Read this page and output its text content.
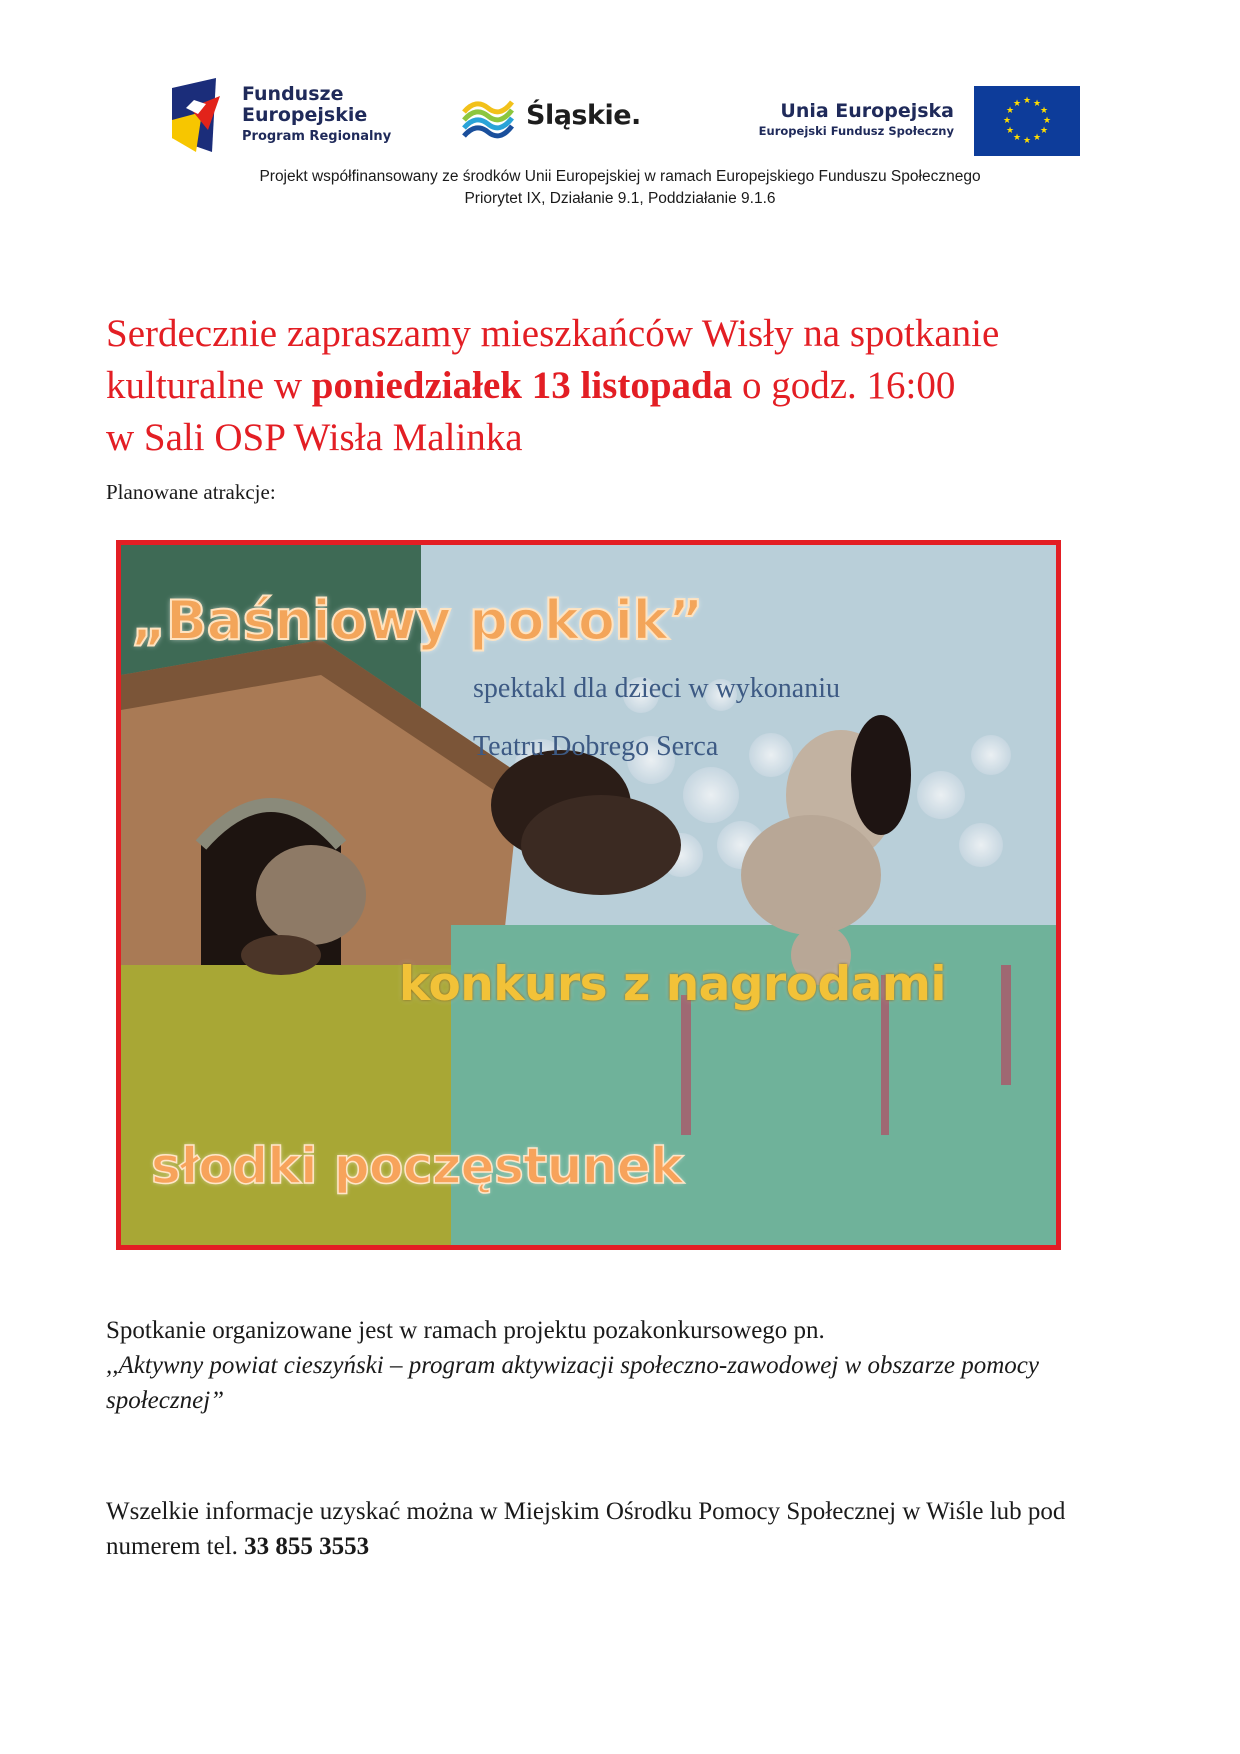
Fundusze
Europejskie
Program Regionalny
Śląskie.	Unia Europejska
Europejski Fundusz Społeczny
★ ★
★
★
★
★
★
★
★
★
★
★
Projekt współfinansowany ze środków Unii Europejskiej w ramach Europejskiego Funduszu Społecznego
Priorytet IX, Działanie 9.1, Poddziałanie 9.1.6
Serdecznie zapraszamy mieszkańców Wisły na spotkanie
kulturalne w poniedziałek 13 listopada o godz. 16:00
w Sali OSP Wisła Malinka
Planowane atrakcje:
„Baśniowy pokoik”
spektakl dla dzieci w wykonaniu
Teatru Dobrego Serca
konkurs z nagrodami
słodki poczęstunek
Spotkanie organizowane jest w ramach projektu pozakonkursowego pn.
,,Aktywny powiat cieszyński – program aktywizacji społeczno-zawodowej w obszarze pomocy społecznej”
Wszelkie informacje uzyskać można w Miejskim Ośrodku Pomocy Społecznej w Wiśle lub pod numerem tel. 33 855 3553
